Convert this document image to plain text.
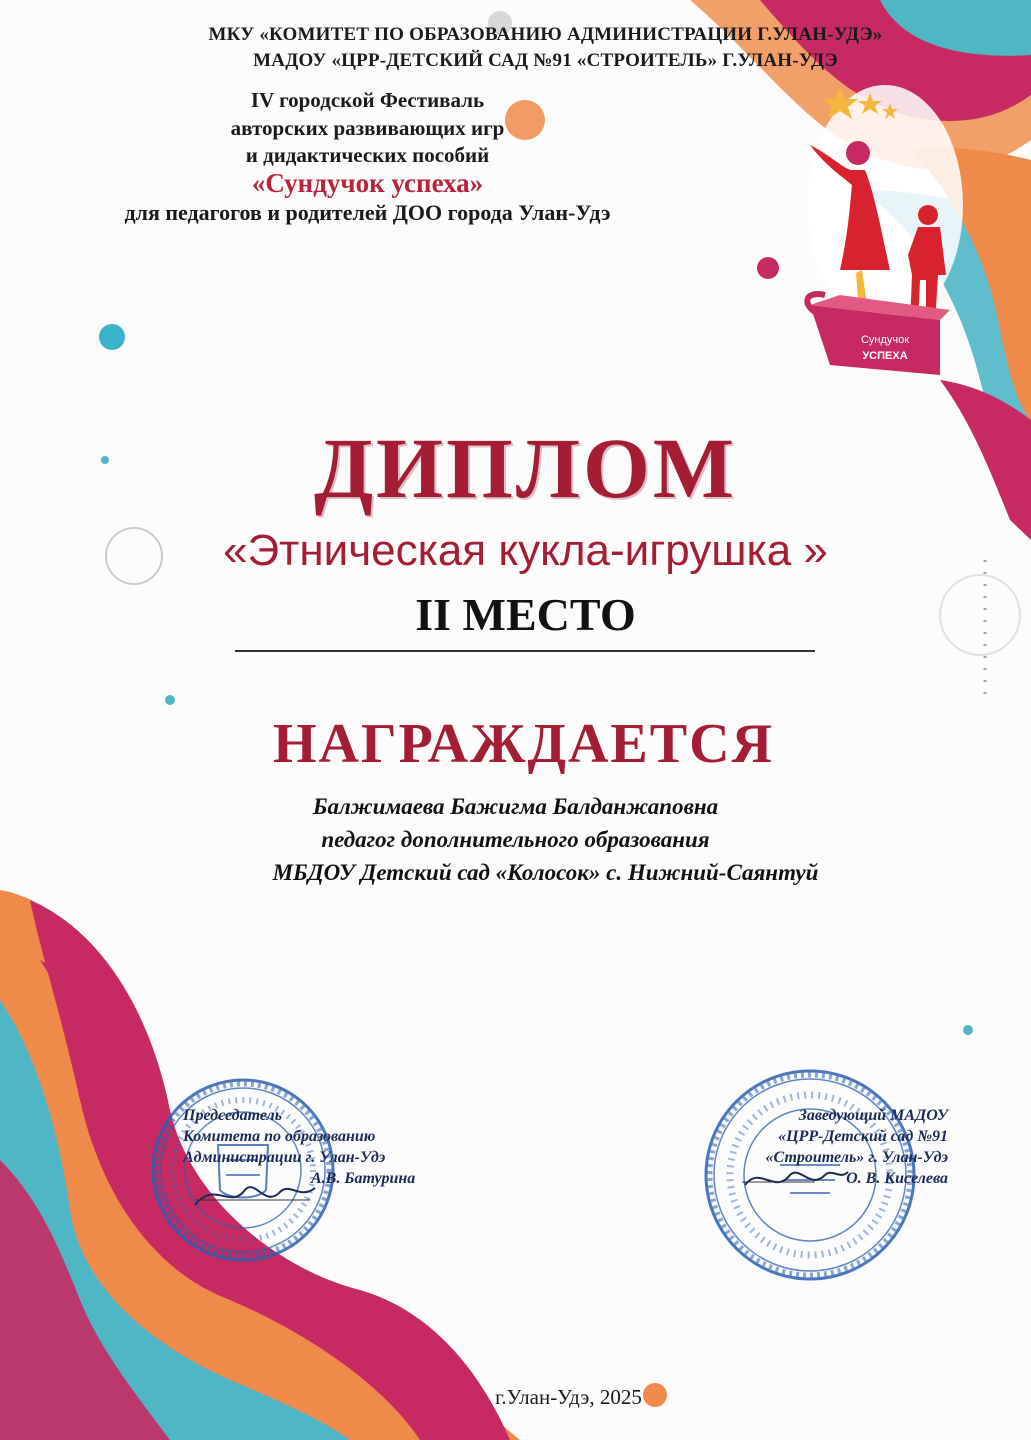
Сундучок
УСПЕХА
МКУ «КОМИТЕТ ПО ОБРАЗОВАНИЮ АДМИНИСТРАЦИИ Г.УЛАН-УДЭ»
МАДОУ «ЦРР-ДЕТСКИЙ САД №91 «СТРОИТЕЛЬ» Г.УЛАН-УДЭ
IV городской Фестиваль
авторских развивающих игр
и дидактических пособий
«Сундучок успеха»
для педагогов и родителей ДОО города Улан-Удэ
ДИПЛОМ
«Этническая кукла-игрушка »
II МЕСТО
НАГРАЖДАЕТСЯ
Балжимаева Бажигма Балданжаповна
педагог дополнительного образования
МБДОУ Детский сад «Колосок» с. Нижний-Саянтуй
Председатель
Комитета по образованию
Администрации г. Улан-Удэ
А.В. Батурина
Заведующий МАДОУ
«ЦРР-Детский сад №91
«Строитель» г. Улан-Удэ
О. В. Киселева
г.Улан-Удэ, 2025
